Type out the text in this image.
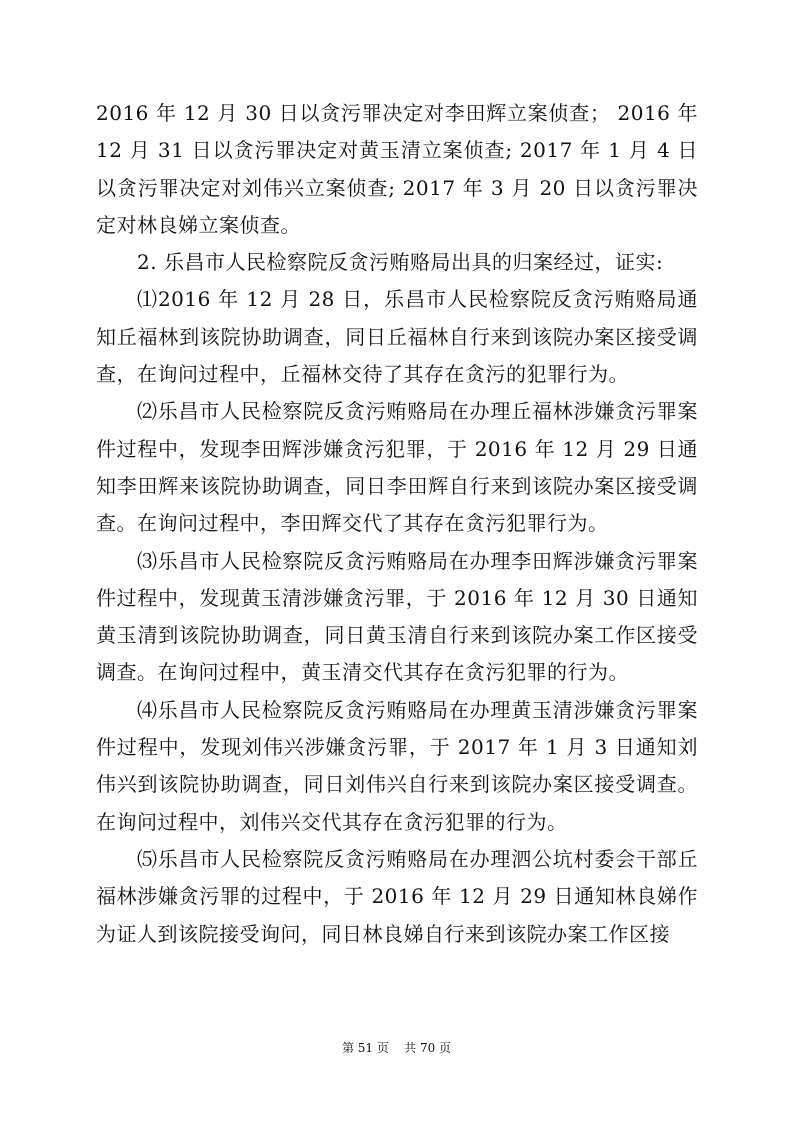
2016 年 12 月 30 日以贪污罪决定对李田辉立案侦查； 2016 年 12 月 31 日以贪污罪决定对黄玉清立案侦查; 2017 年 1 月 4 日以贪污罪决定对刘伟兴立案侦查; 2017 年 3 月 20 日以贪污罪决定对林良娣立案侦查。

2. 乐昌市人民检察院反贪污贿赂局出具的归案经过，证实:

⑴2016 年 12 月 28 日，乐昌市人民检察院反贪污贿赂局通知丘福林到该院协助调查，同日丘福林自行来到该院办案区接受调查，在询问过程中，丘福林交待了其存在贪污的犯罪行为。

⑵乐昌市人民检察院反贪污贿赂局在办理丘福林涉嫌贪污罪案件过程中，发现李田辉涉嫌贪污犯罪，于 2016 年 12 月 29 日通知李田辉来该院协助调查，同日李田辉自行来到该院办案区接受调查。在询问过程中，李田辉交代了其存在贪污犯罪行为。

⑶乐昌市人民检察院反贪污贿赂局在办理李田辉涉嫌贪污罪案件过程中，发现黄玉清涉嫌贪污罪，于 2016 年 12 月 30 日通知黄玉清到该院协助调查，同日黄玉清自行来到该院办案工作区接受调查。在询问过程中，黄玉清交代其存在贪污犯罪的行为。

⑷乐昌市人民检察院反贪污贿赂局在办理黄玉清涉嫌贪污罪案件过程中，发现刘伟兴涉嫌贪污罪，于 2017 年 1 月 3 日通知刘伟兴到该院协助调查，同日刘伟兴自行来到该院办案区接受调查。在询问过程中，刘伟兴交代其存在贪污犯罪的行为。

⑸乐昌市人民检察院反贪污贿赂局在办理泗公坑村委会干部丘福林涉嫌贪污罪的过程中，于 2016 年 12 月 29 日通知林良娣作为证人到该院接受询问，同日林良娣自行来到该院办案工作区接

第 51 页    共 70 页
